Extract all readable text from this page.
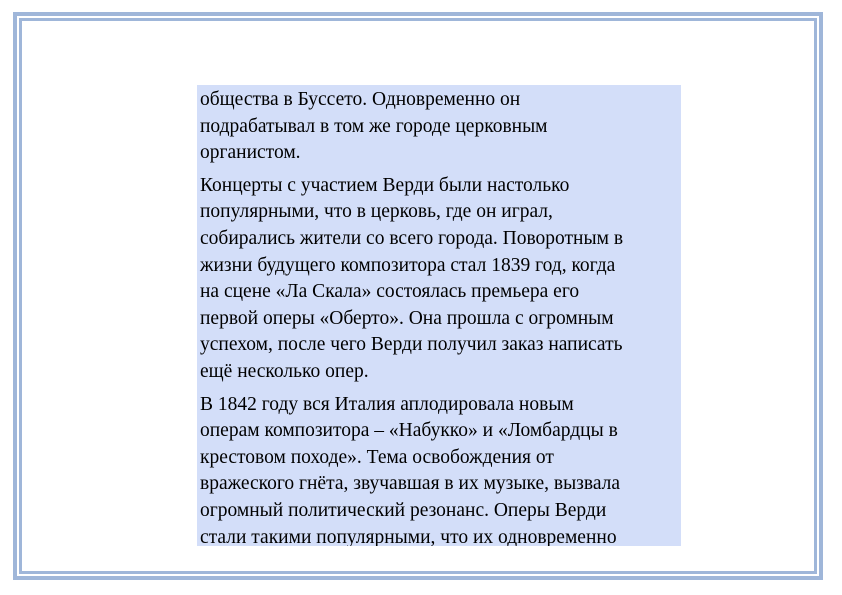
общества в Буссето. Одновременно он
подрабатывал в том же городе церковным
органистом.

Концерты с участием Верди были настолько
популярными, что в церковь, где он играл,
собирались жители со всего города. Поворотным в
жизни будущего композитора стал 1839 год, когда
на сцене «Ла Скала» состоялась премьера его
первой оперы «Оберто». Она прошла с огромным
успехом, после чего Верди получил заказ написать
ещё несколько опер.

В 1842 году вся Италия аплодировала новым
операм композитора – «Набукко» и «Ломбардцы в
крестовом походе». Тема освобождения от
вражеского гнёта, звучавшая в их музыке, вызвала
огромный политический резонанс. Оперы Верди
стали такими популярными, что их одновременно
